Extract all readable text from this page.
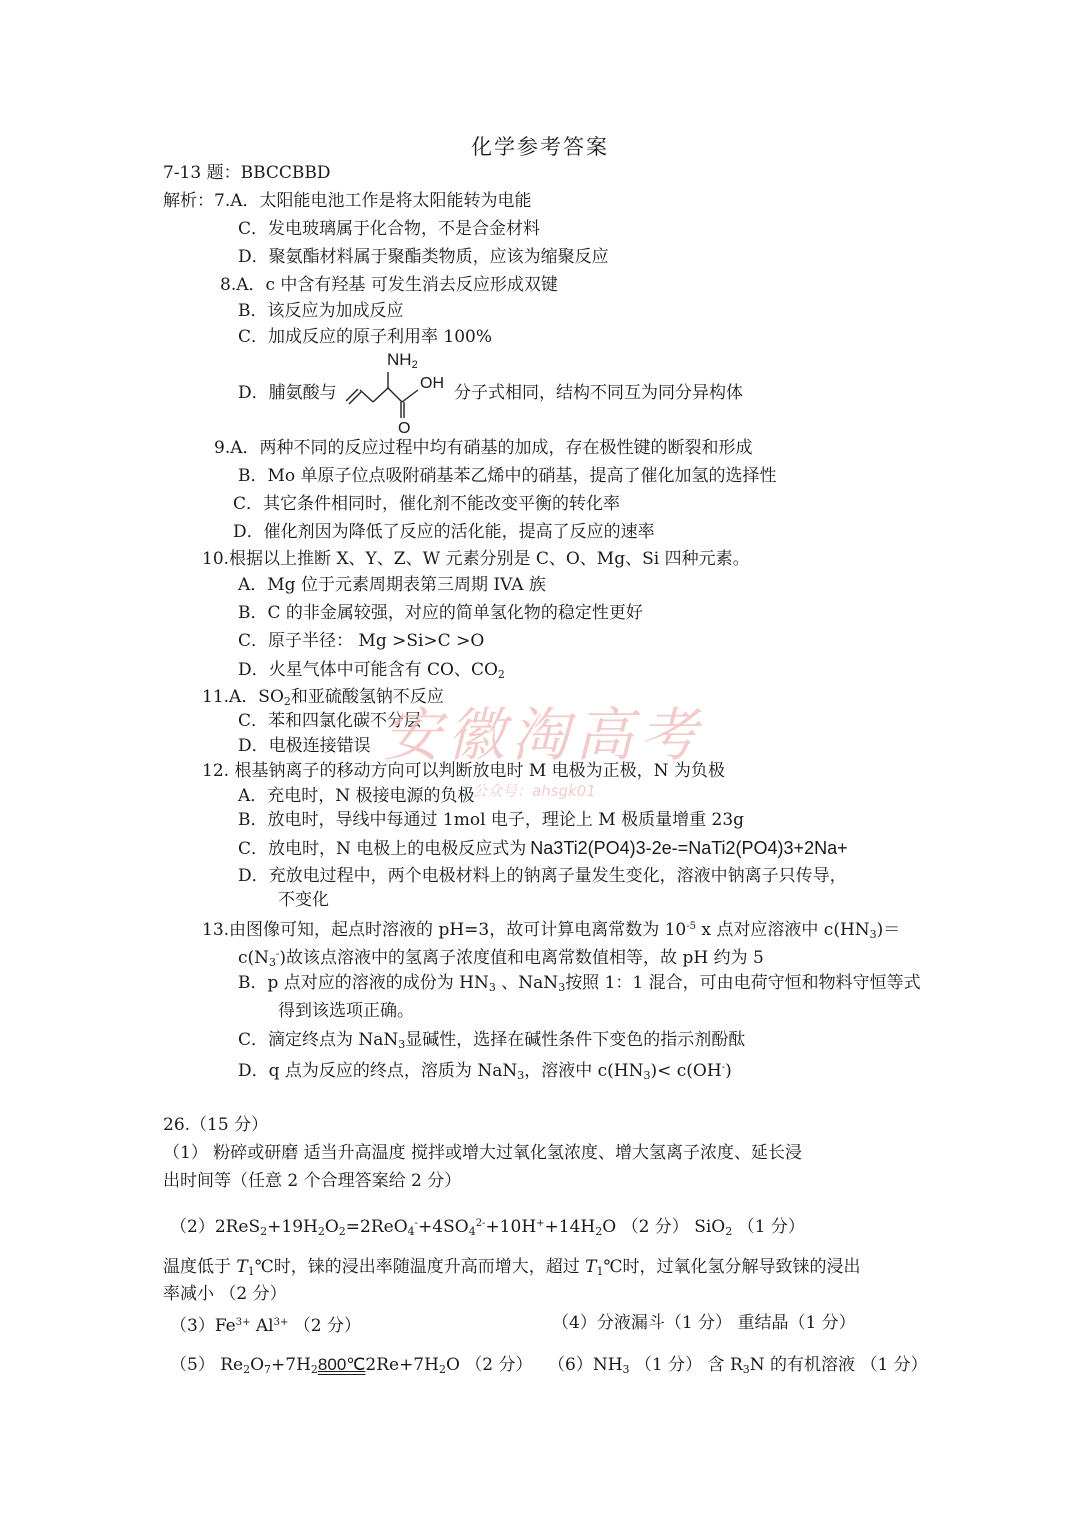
化学参考答案
7-13 题：BBCCBBD
解析：7.A．太阳能电池工作是将太阳能转为电能
C．发电玻璃属于化合物，不是合金材料
D．聚氨酯材料属于聚酯类物质，应该为缩聚反应
8.A．c 中含有羟基 可发生消去反应形成双键
B．该反应为加成反应
C．加成反应的原子利用率 100%
D．脯氨酸与
$NH_2$
OH
O
分子式相同，结构不同互为同分异构体
9.A．两种不同的反应过程中均有硝基的加成，存在极性键的断裂和形成
B．Mo 单原子位点吸附硝基苯乙烯中的硝基，提高了催化加氢的选择性
C．其它条件相同时，催化剂不能改变平衡的转化率
D．催化剂因为降低了反应的活化能，提高了反应的速率
10.根据以上推断 X、Y、Z、W 元素分别是 C、O、Mg、Si 四种元素。
A．Mg 位于元素周期表第三周期 IVA 族
B．C 的非金属较强，对应的简单氢化物的稳定性更好
C．原子半径： Mg >Si>C >O
D．火星气体中可能含有 CO、$CO_2$
11.A．$SO_2$和亚硫酸氢钠不反应
C．苯和四氯化碳不分层
D．电极连接错误 安徽淘高考
公众号：ahsgk01
12. 根基钠离子的移动方向可以判断放电时 M 电极为正极，N 为负极
A．充电时，N 极接电源的负极
B．放电时，导线中每通过 1mol 电子，理论上 M 极质量增重 23g
C．放电时，N 电极上的电极反应式为 Na3Ti2(PO4)3-2e-=NaTi2(PO4)3+2Na+
D．充放电过程中，两个电极材料上的钠离子量发生变化，溶液中钠离子只传导，
不变化
13.由图像可知，起点时溶液的 pH=3，故可计算电离常数为 $10^{-5}$ x 点对应溶液中 $c(HN_3)=$
$c(N_3^-)$故该点溶液中的氢离子浓度值和电离常数值相等，故 pH 约为 5
B．p 点对应的溶液的成份为 $HN_3$ 、NaN$_3$按照 1：1 混合，可由电荷守恒和物料守恒等式
得到该选项正确。
C．滴定终点为 NaN$_3$显碱性，选择在碱性条件下变色的指示剂酚酞
D．q 点为反应的终点，溶质为 NaN$_3$，溶液中 $c(HN_3)< c(OH^-)$
26.（15 分）
（1） 粉碎或研磨 适当升高温度 搅拌或增大过氧化氢浓度、增大氢离子浓度、延长浸
出时间等（任意 2 个合理答案给 2 分）
$(2)2ReS_2+19H_2O_2=2ReO_4^-+4SO_4^{2-}+10H^++14H_2O$ （2 分） SiO$_2$ （1 分）
温度低于 $T_1℃$时，铼的浸出率随温度升高而增大，超过 $T_1℃$时，过氧化氢分解导致铼的浸出
率减小 （2 分）
$(3)Fe^{3+}$ $Al^{3+}$ （2 分）	（4）分液漏斗（1 分） 重结晶（1 分）
（5） $Re_2O_7+7H_2800℃2Re+7H_2O$ （2 分） $(6)NH_3$ （1 分） 含 $R_3N$ 的有机溶液 （1 分）
